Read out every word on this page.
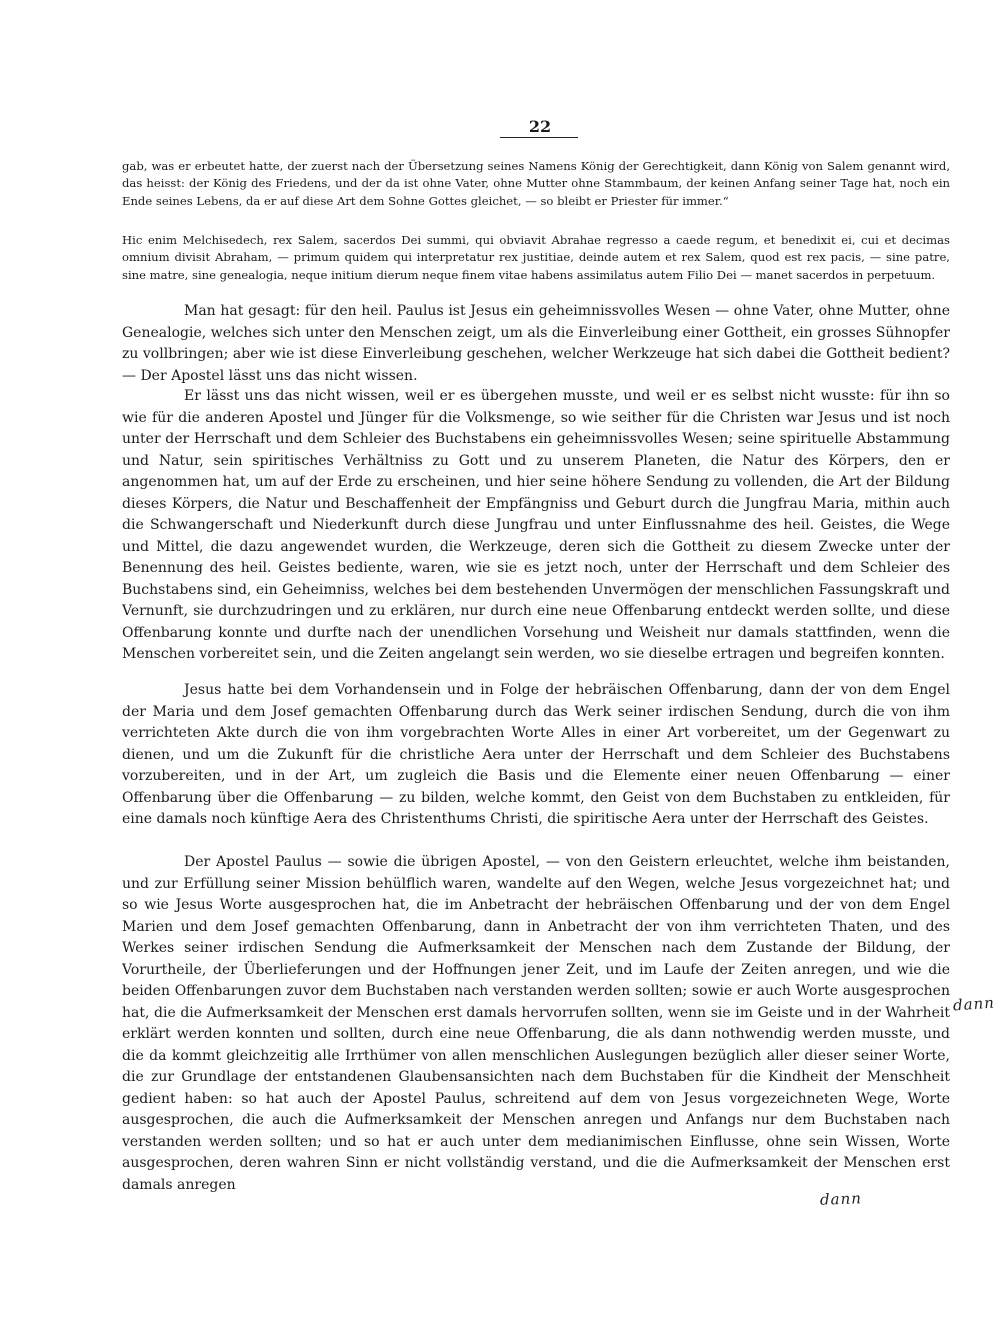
22

gab, was er erbeutet hatte, der zuerst nach der Übersetzung seines Namens König der Gerechtigkeit, dann König von Salem genannt wird, das heisst: der König des Friedens, und der da ist ohne Vater, ohne Mutter ohne Stammbaum, der keinen Anfang seiner Tage hat, noch ein Ende seines Lebens, da er auf diese Art dem Sohne Gottes gleichet, — so bleibt er Priester für immer.“

Hic enim Melchisedech, rex Salem, sacerdos Dei summi, qui obviavit Abrahae regresso a caede regum, et benedixit ei, cui et decimas omnium divisit Abraham, — primum quidem qui interpretatur rex justitiae, deinde autem et rex Salem, quod est rex pacis, — sine patre, sine matre, sine genealogia, neque initium dierum neque finem vitae habens assimilatus autem Filio Dei — manet sacerdos in perpetuum.

Man hat gesagt: für den heil. Paulus ist Jesus ein geheimnissvolles Wesen — ohne Vater, ohne Mutter, ohne Genealogie, welches sich unter den Menschen zeigt, um als die Einverleibung einer Gottheit, ein grosses Sühnopfer zu vollbringen; aber wie ist diese Einverleibung geschehen, welcher Werkzeuge hat sich dabei die Gottheit bedient? — Der Apostel lässt uns das nicht wissen.

Er lässt uns das nicht wissen, weil er es übergehen musste, und weil er es selbst nicht wusste: für ihn so wie für die anderen Apostel und Jünger für die Volksmenge, so wie seither für die Christen war Jesus und ist noch unter der Herrschaft und dem Schleier des Buchstabens ein geheimnissvolles Wesen; seine spirituelle Abstammung und Natur, sein spiritisches Verhältniss zu Gott und zu unserem Planeten, die Natur des Körpers, den er angenommen hat, um auf der Erde zu erscheinen, und hier seine höhere Sendung zu vollenden, die Art der Bildung dieses Körpers, die Natur und Beschaffenheit der Empfängniss und Geburt durch die Jungfrau Maria, mithin auch die Schwangerschaft und Niederkunft durch diese Jungfrau und unter Einflussnahme des heil. Geistes, die Wege und Mittel, die dazu angewendet wurden, die Werkzeuge, deren sich die Gottheit zu diesem Zwecke unter der Benennung des heil. Geistes bediente, waren, wie sie es jetzt noch, unter der Herrschaft und dem Schleier des Buchstabens sind, ein Geheimniss, welches bei dem bestehenden Unvermögen der menschlichen Fassungskraft und Vernunft, sie durchzudringen und zu erklären, nur durch eine neue Offenbarung entdeckt werden sollte, und diese Offenbarung konnte und durfte nach der unendlichen Vorsehung und Weisheit nur damals stattfinden, wenn die Menschen vorbereitet sein, und die Zeiten angelangt sein werden, wo sie dieselbe ertragen und begreifen konnten.

Jesus hatte bei dem Vorhandensein und in Folge der hebräischen Offenbarung, dann der von dem Engel der Maria und dem Josef gemachten Offenbarung durch das Werk seiner irdischen Sendung, durch die von ihm verrichteten Akte durch die von ihm vorgebrachten Worte Alles in einer Art vorbereitet, um der Gegenwart zu dienen, und um die Zukunft für die christliche Aera unter der Herrschaft und dem Schleier des Buchstabens vorzubereiten, und in der Art, um zugleich die Basis und die Elemente einer neuen Offenbarung — einer Offenbarung über die Offenbarung — zu bilden, welche kommt, den Geist von dem Buchstaben zu entkleiden, für eine damals noch künftige Aera des Christenthums Christi, die spiritische Aera unter der Herrschaft des Geistes.

Der Apostel Paulus — sowie die übrigen Apostel, — von den Geistern erleuchtet, welche ihm beistanden, und zur Erfüllung seiner Mission behülflich waren, wandelte auf den Wegen, welche Jesus vorgezeichnet hat; und so wie Jesus Worte ausgesprochen hat, die im Anbetracht der hebräischen Offenbarung und der von dem Engel Marien und dem Josef gemachten Offenbarung, dann in Anbetracht der von ihm verrichteten Thaten, und des Werkes seiner irdischen Sendung die Aufmerksamkeit der Menschen nach dem Zustande der Bildung, der Vorurtheile, der Überlieferungen und der Hoffnungen jener Zeit, und im Laufe der Zeiten anregen, und wie die beiden Offenbarungen zuvor dem Buchstaben nach verstanden werden sollten; sowie er auch Worte ausgesprochen hat, die die Aufmerksamkeit der Menschen erst damals hervorrufen sollten, wenn sie im Geiste und in der Wahrheit erklärt werden konnten und sollten, durch eine neue Offenbarung, die als dann nothwendig werden musste, und die da kommt gleichzeitig alle Irrthümer von allen menschlichen Auslegungen bezüglich aller dieser seiner Worte, die zur Grundlage der entstandenen Glaubensansichten nach dem Buchstaben für die Kindheit der Menschheit gedient haben: so hat auch der Apostel Paulus, schreitend auf dem von Jesus vorgezeichneten Wege, Worte ausgesprochen, die auch die Aufmerksamkeit der Menschen anregen und Anfangs nur dem Buchstaben nach verstanden werden sollten; und so hat er auch unter dem medianimischen Einflusse, ohne sein Wissen, Worte ausgesprochen, deren wahren Sinn er nicht vollständig verstand, und die die Aufmerksamkeit der Menschen erst damals anregen

dann
dann
